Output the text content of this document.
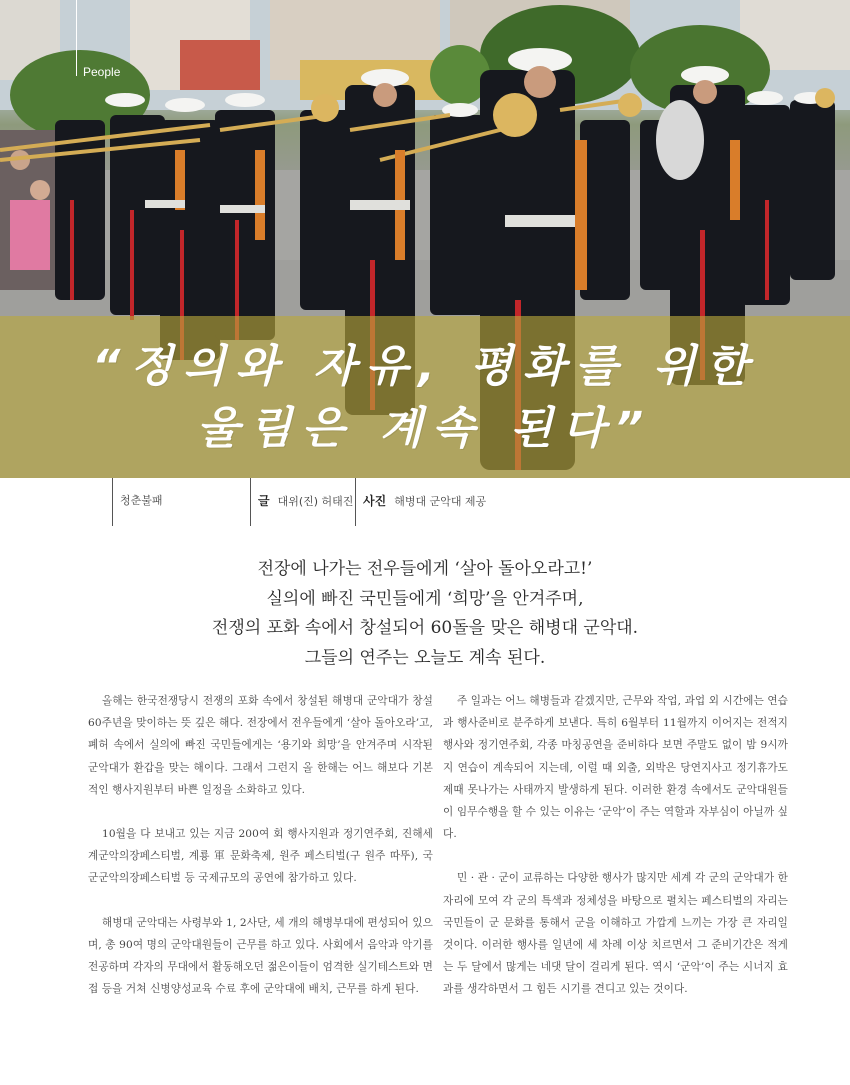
People
“정의와 자유, 평화를 위한
울림은 계속 된다”
청춘불패	글 대위(진) 허태진 사진 해병대 군악대 제공
전장에 나가는 전우들에게 ‘살아 돌아오라고!’
실의에 빠진 국민들에게 ‘희망’을 안겨주며,
전쟁의 포화 속에서 창설되어 60돌을 맞은 해병대 군악대.
그들의 연주는 오늘도 계속 된다.

올해는 한국전쟁당시 전쟁의 포화 속에서 창설된 해병대 군악대가 창설 60주년을 맞이하는 뜻 깊은 해다. 전장에서 전우들에게 ‘살아 돌아오라’고, 폐허 속에서 실의에 빠진 국민들에게는 ‘용기와 희망’을 안겨주며 시작된 군악대가 환갑을 맞는 해이다. 그래서 그런지 올 한해는 어느 해보다 기본적인 행사지원부터 바쁜 일정을 소화하고 있다.

10월을 다 보내고 있는 지금 200여 회 행사지원과 정기연주회, 진해세계군악의장페스티벌, 계룡 軍 문화축제, 원주 페스티벌(구 원주 따뚜), 국군군악의장페스티벌 등 국제규모의 공연에 참가하고 있다.

해병대 군악대는 사령부와 1, 2사단, 세 개의 해병부대에 편성되어 있으며, 총 90여 명의 군악대원들이 근무를 하고 있다. 사회에서 음악과 악기를 전공하며 각자의 무대에서 활동해오던 젊은이들이 엄격한 실기테스트와 면접 등을 거쳐 신병양성교육 수료 후에 군악대에 배치, 근무를 하게 된다.

주 일과는 어느 해병들과 같겠지만, 근무와 작업, 과업 외 시간에는 연습과 행사준비로 분주하게 보낸다. 특히 6월부터 11월까지 이어지는 전적지 행사와 정기연주회, 각종 마칭공연을 준비하다 보면 주말도 없이 밤 9시까지 연습이 계속되어 지는데, 이럴 때 외출, 외박은 당연지사고 정기휴가도 제때 못나가는 사태까지 발생하게 된다. 이러한 환경 속에서도 군악대원들이 임무수행을 할 수 있는 이유는 ‘군악’이 주는 역할과 자부심이 아닐까 싶다.

민 · 관 · 군이 교류하는 다양한 행사가 많지만 세계 각 군의 군악대가 한자리에 모여 각 군의 특색과 정체성을 바탕으로 펼치는 페스티벌의 자리는 국민들이 군 문화를 통해서 군을 이해하고 가깝게 느끼는 가장 큰 자리일 것이다. 이러한 행사를 일년에 세 차례 이상 치르면서 그 준비기간은 적게는 두 달에서 많게는 네댓 달이 걸리게 된다. 역시 ‘군악’이 주는 시너지 효과를 생각하면서 그 힘든 시기를 견디고 있는 것이다.
